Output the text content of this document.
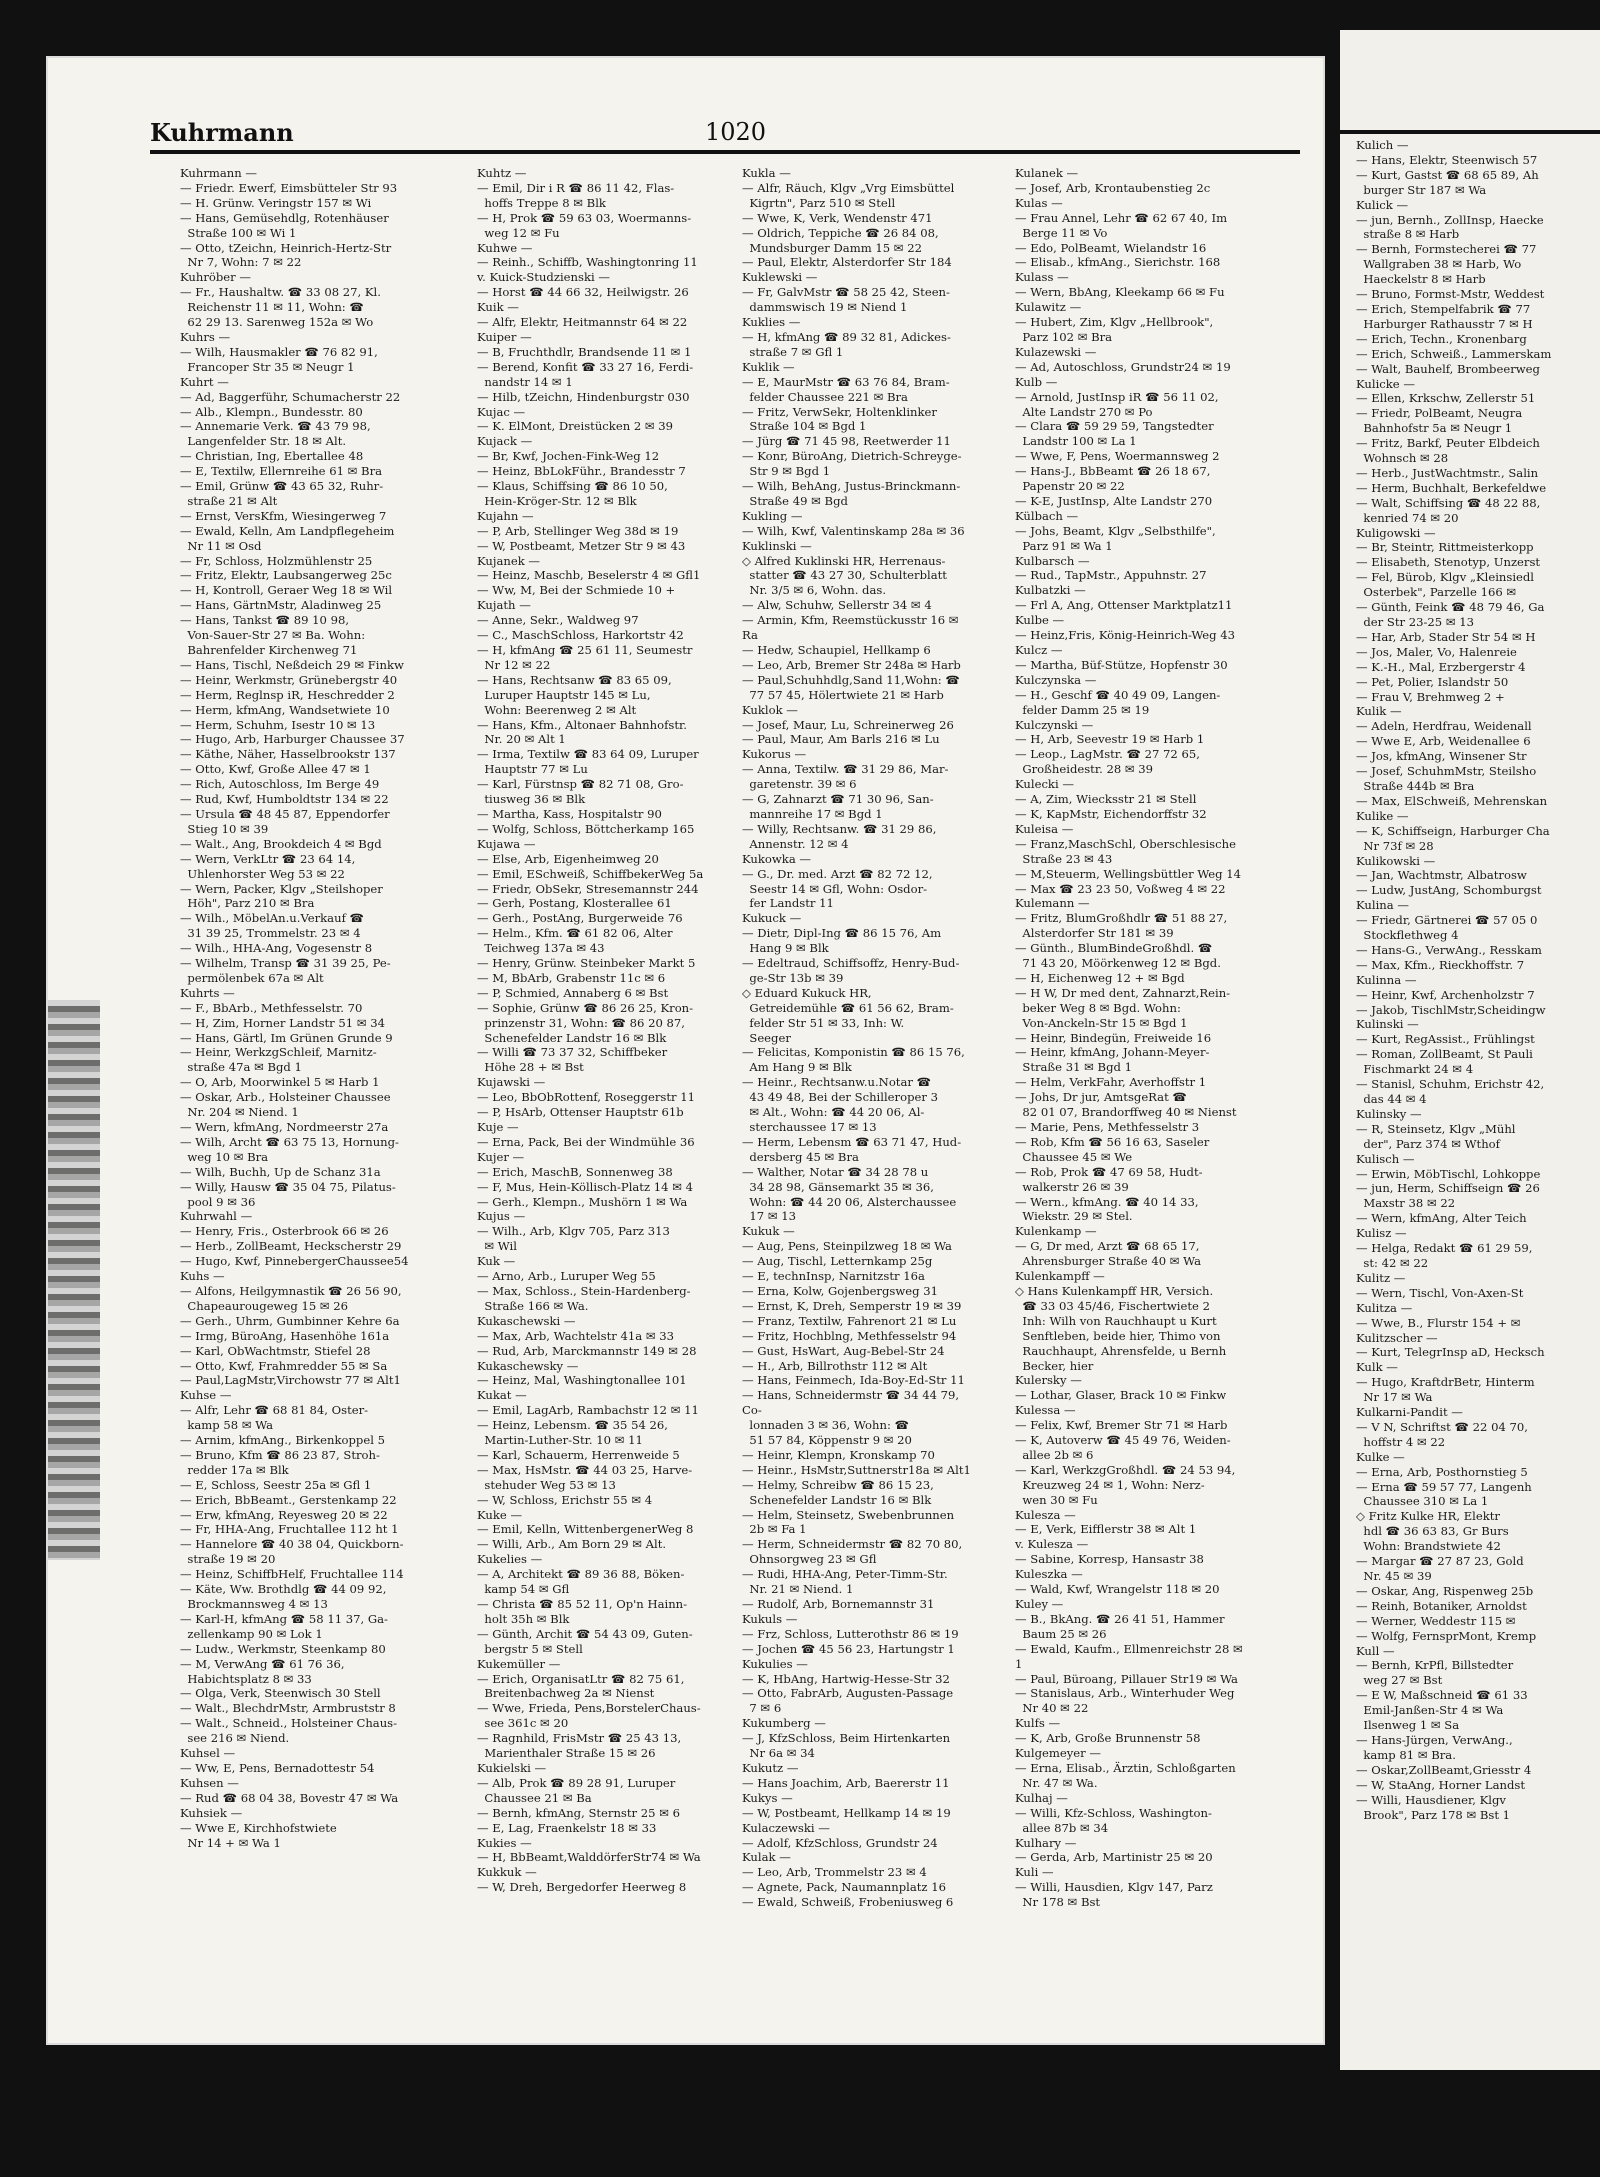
Kuhrmann	1020
Kuhrmann —
— Friedr. Ewerf, Eimsbütteler Str 93
— H. Grünw. Veringstr 157 ✉ Wi
— Hans, Gemüsehdlg, Rotenhäuser
Straße 100 ✉ Wi 1
— Otto, tZeichn, Heinrich-Hertz-Str
Nr 7, Wohn: 7 ✉ 22
Kuhröber —
— Fr., Haushaltw. ☎ 33 08 27, Kl.
Reichenstr 11 ✉ 11, Wohn: ☎
62 29 13. Sarenweg 152a ✉ Wo
Kuhrs —
— Wilh, Hausmakler ☎ 76 82 91,
Francoper Str 35 ✉ Neugr 1
Kuhrt —
— Ad, Baggerführ, Schumacherstr 22
— Alb., Klempn., Bundesstr. 80
— Annemarie Verk. ☎ 43 79 98,
Langenfelder Str. 18 ✉ Alt.
— Christian, Ing, Ebertallee 48
— E, Textilw, Ellernreihe 61 ✉ Bra
— Emil, Grünw ☎ 43 65 32, Ruhr-
straße 21 ✉ Alt
— Ernst, VersKfm, Wiesingerweg 7
— Ewald, Kelln, Am Landpflegeheim
Nr 11 ✉ Osd
— Fr, Schloss, Holzmühlenstr 25
— Fritz, Elektr, Laubsangerweg 25c
— H, Kontroll, Geraer Weg 18 ✉ Wil
— Hans, GärtnMstr, Aladinweg 25
— Hans, Tankst ☎ 89 10 98,
Von-Sauer-Str 27 ✉ Ba. Wohn:
Bahrenfelder Kirchenweg 71
— Hans, Tischl, Neßdeich 29 ✉ Finkw
— Heinr, Werkmstr, Grünebergstr 40
— Herm, Reglnsp iR, Heschredder 2
— Herm, kfmAng, Wandsetwiete 10
— Herm, Schuhm, Isestr 10 ✉ 13
— Hugo, Arb, Harburger Chaussee 37
— Käthe, Näher, Hasselbrookstr 137
— Otto, Kwf, Große Allee 47 ✉ 1
— Rich, Autoschloss, Im Berge 49
— Rud, Kwf, Humboldtstr 134 ✉ 22
— Ursula ☎ 48 45 87, Eppendorfer
Stieg 10 ✉ 39
— Walt., Ang, Brookdeich 4 ✉ Bgd
— Wern, VerkLtr ☎ 23 64 14,
Uhlenhorster Weg 53 ✉ 22
— Wern, Packer, Klgv „Steilshoper
Höh", Parz 210 ✉ Bra
— Wilh., MöbelAn.u.Verkauf ☎
31 39 25, Trommelstr. 23 ✉ 4
— Wilh., HHA-Ang, Vogesenstr 8
— Wilhelm, Transp ☎ 31 39 25, Pe-
permölenbek 67a ✉ Alt
Kuhrts —
— F., BbArb., Methfesselstr. 70
— H, Zim, Horner Landstr 51 ✉ 34
— Hans, Gärtl, Im Grünen Grunde 9
— Heinr, WerkzgSchleif, Marnitz-
straße 47a ✉ Bgd 1
— O, Arb, Moorwinkel 5 ✉ Harb 1
— Oskar, Arb., Holsteiner Chaussee
Nr. 204 ✉ Niend. 1
— Wern, kfmAng, Nordmeerstr 27a
— Wilh, Archt ☎ 63 75 13, Hornung-
weg 10 ✉ Bra
— Wilh, Buchh, Up de Schanz 31a
— Willy, Hausw ☎ 35 04 75, Pilatus-
pool 9 ✉ 36
Kuhrwahl —
— Henry, Fris., Osterbrook 66 ✉ 26
— Herb., ZollBeamt, Heckscherstr 29
— Hugo, Kwf, PinnebergerChaussee54
Kuhs —
— Alfons, Heilgymnastik ☎ 26 56 90,
Chapeaurougeweg 15 ✉ 26
— Gerh., Uhrm, Gumbinner Kehre 6a
— Irmg, BüroAng, Hasenhöhe 161a
— Karl, ObWachtmstr, Stiefel 28
— Otto, Kwf, Frahmredder 55 ✉ Sa
— Paul,LagMstr,Virchowstr 77 ✉ Alt1
Kuhse —
— Alfr, Lehr ☎ 68 81 84, Oster-
kamp 58 ✉ Wa
— Arnim, kfmAng., Birkenkoppel 5
— Bruno, Kfm ☎ 86 23 87, Stroh-
redder 17a ✉ Blk
— E, Schloss, Seestr 25a ✉ Gfl 1
— Erich, BbBeamt., Gerstenkamp 22
— Erw, kfmAng, Reyesweg 20 ✉ 22
— Fr, HHA-Ang, Fruchtallee 112 ht 1
— Hannelore ☎ 40 38 04, Quickborn-
straße 19 ✉ 20
— Heinz, SchiffbHelf, Fruchtallee 114
— Käte, Ww. Brothdlg ☎ 44 09 92,
Brockmannsweg 4 ✉ 13
— Karl-H, kfmAng ☎ 58 11 37, Ga-
zellenkamp 90 ✉ Lok 1
— Ludw., Werkmstr, Steenkamp 80
— M, VerwAng ☎ 61 76 36,
Habichtsplatz 8 ✉ 33
— Olga, Verk, Steenwisch 30 Stell
— Walt., BlechdrMstr, Armbruststr 8
— Walt., Schneid., Holsteiner Chaus-
see 216 ✉ Niend.
Kuhsel —
— Ww, E, Pens, Bernadottestr 54
Kuhsen —
— Rud ☎ 68 04 38, Bovestr 47 ✉ Wa
Kuhsiek —
— Wwe E, Kirchhofstwiete
Nr 14 + ✉ Wa 1
Kuhtz —
— Emil, Dir i R ☎ 86 11 42, Flas-
hoffs Treppe 8 ✉ Blk
— H, Prok ☎ 59 63 03, Woermanns-
weg 12 ✉ Fu
Kuhwe —
— Reinh., Schiffb, Washingtonring 11
v. Kuick-Studzienski —
— Horst ☎ 44 66 32, Heilwigstr. 26
Kuik —
— Alfr, Elektr, Heitmannstr 64 ✉ 22
Kuiper —
— B, Fruchthdlr, Brandsende 11 ✉ 1
— Berend, Konfit ☎ 33 27 16, Ferdi-
nandstr 14 ✉ 1
— Hilb, tZeichn, Hindenburgstr 030
Kujac —
— K. ElMont, Dreistücken 2 ✉ 39
Kujack —
— Br, Kwf, Jochen-Fink-Weg 12
— Heinz, BbLokFühr., Brandesstr 7
— Klaus, Schiffsing ☎ 86 10 50,
Hein-Kröger-Str. 12 ✉ Blk
Kujahn —
— P, Arb, Stellinger Weg 38d ✉ 19
— W, Postbeamt, Metzer Str 9 ✉ 43
Kujanek —
— Heinz, Maschb, Beselerstr 4 ✉ Gfl1
— Ww, M, Bei der Schmiede 10 +
Kujath —
— Anne, Sekr., Waldweg 97
— C., MaschSchloss, Harkortstr 42
— H, kfmAng ☎ 25 61 11, Seumestr
Nr 12 ✉ 22
— Hans, Rechtsanw ☎ 83 65 09,
Luruper Hauptstr 145 ✉ Lu,
Wohn: Beerenweg 2 ✉ Alt
— Hans, Kfm., Altonaer Bahnhofstr.
Nr. 20 ✉ Alt 1
— Irma, Textilw ☎ 83 64 09, Luruper
Hauptstr 77 ✉ Lu
— Karl, Fürstnsp ☎ 82 71 08, Gro-
tiusweg 36 ✉ Blk
— Martha, Kass, Hospitalstr 90
— Wolfg, Schloss, Böttcherkamp 165
Kujawa —
— Else, Arb, Eigenheimweg 20
— Emil, ESchweiß, SchiffbekerWeg 5a
— Friedr, ObSekr, Stresemannstr 244
— Gerh, Postang, Klosterallee 61
— Gerh., PostAng, Burgerweide 76
— Helm., Kfm. ☎ 61 82 06, Alter
Teichweg 137a ✉ 43
— Henry, Grünw. Steinbeker Markt 5
— M, BbArb, Grabenstr 11c ✉ 6
— P, Schmied, Annaberg 6 ✉ Bst
— Sophie, Grünw ☎ 86 26 25, Kron-
prinzenstr 31, Wohn: ☎ 86 20 87,
Schenefelder Landstr 16 ✉ Blk
— Willi ☎ 73 37 32, Schiffbeker
Höhe 28 + ✉ Bst
Kujawski —
— Leo, BbObRottenf, Roseggerstr 11
— P, HsArb, Ottenser Hauptstr 61b
Kuje —
— Erna, Pack, Bei der Windmühle 36
Kujer —
— Erich, MaschB, Sonnenweg 38
— F, Mus, Hein-Köllisch-Platz 14 ✉ 4
— Gerh., Klempn., Mushörn 1 ✉ Wa
Kujus —
— Wilh., Arb, Klgv 705, Parz 313
✉ Wil
Kuk —
— Arno, Arb., Luruper Weg 55
— Max, Schloss., Stein-Hardenberg-
Straße 166 ✉ Wa.
Kukaschewski —
— Max, Arb, Wachtelstr 41a ✉ 33
— Rud, Arb, Marckmannstr 149 ✉ 28
Kukaschewsky —
— Heinz, Mal, Washingtonallee 101
Kukat —
— Emil, LagArb, Rambachstr 12 ✉ 11
— Heinz, Lebensm. ☎ 35 54 26,
Martin-Luther-Str. 10 ✉ 11
— Karl, Schauerm, Herrenweide 5
— Max, HsMstr. ☎ 44 03 25, Harve-
stehuder Weg 53 ✉ 13
— W, Schloss, Erichstr 55 ✉ 4
Kuke —
— Emil, Kelln, WittenbergenerWeg 8
— Willi, Arb., Am Born 29 ✉ Alt.
Kukelies —
— A, Architekt ☎ 89 36 88, Böken-
kamp 54 ✉ Gfl
— Christa ☎ 85 52 11, Op'n Hainn-
holt 35h ✉ Blk
— Günth, Archit ☎ 54 43 09, Guten-
bergstr 5 ✉ Stell
Kukemüller —
— Erich, OrganisatLtr ☎ 82 75 61,
Breitenbachweg 2a ✉ Nienst
— Wwe, Frieda, Pens,BorstelerChaus-
see 361c ✉ 20
— Ragnhild, FrisMstr ☎ 25 43 13,
Marienthaler Straße 15 ✉ 26
Kukielski —
— Alb, Prok ☎ 89 28 91, Luruper
Chaussee 21 ✉ Ba
— Bernh, kfmAng, Sternstr 25 ✉ 6
— E, Lag, Fraenkelstr 18 ✉ 33
Kukies —
— H, BbBeamt,WalddörferStr74 ✉ Wa
Kukkuk —
— W, Dreh, Bergedorfer Heerweg 8
Kukla —
— Alfr, Räuch, Klgv „Vrg Eimsbüttel
Kigrtn", Parz 510 ✉ Stell
— Wwe, K, Verk, Wendenstr 471
— Oldrich, Teppiche ☎ 26 84 08,
Mundsburger Damm 15 ✉ 22
— Paul, Elektr, Alsterdorfer Str 184
Kuklewski —
— Fr, GalvMstr ☎ 58 25 42, Steen-
dammswisch 19 ✉ Niend 1
Kuklies —
— H, kfmAng ☎ 89 32 81, Adickes-
straße 7 ✉ Gfl 1
Kuklik —
— E, MaurMstr ☎ 63 76 84, Bram-
felder Chaussee 221 ✉ Bra
— Fritz, VerwSekr, Holtenklinker
Straße 104 ✉ Bgd 1
— Jürg ☎ 71 45 98, Reetwerder 11
— Konr, BüroAng, Dietrich-Schreyge-
Str 9 ✉ Bgd 1
— Wilh, BehAng, Justus-Brinckmann-
Straße 49 ✉ Bgd
Kukling —
— Wilh, Kwf, Valentinskamp 28a ✉ 36
Kuklinski —
◇ Alfred Kuklinski HR, Herrenaus-
statter ☎ 43 27 30, Schulterblatt
Nr. 3/5 ✉ 6, Wohn. das.
— Alw, Schuhw, Sellerstr 34 ✉ 4
— Armin, Kfm, Reemstückusstr 16 ✉ Ra
— Hedw, Schaupiel, Hellkamp 6
— Leo, Arb, Bremer Str 248a ✉ Harb
— Paul,Schuhhdlg,Sand 11,Wohn: ☎
77 57 45, Hölertwiete 21 ✉ Harb
Kuklok —
— Josef, Maur, Lu, Schreinerweg 26
— Paul, Maur, Am Barls 216 ✉ Lu
Kukorus —
— Anna, Textilw. ☎ 31 29 86, Mar-
garetenstr. 39 ✉ 6
— G, Zahnarzt ☎ 71 30 96, San-
mannreihe 17 ✉ Bgd 1
— Willy, Rechtsanw. ☎ 31 29 86,
Annenstr. 12 ✉ 4
Kukowka —
— G., Dr. med. Arzt ☎ 82 72 12,
Seestr 14 ✉ Gfl, Wohn: Osdor-
fer Landstr 11
Kukuck —
— Dietr, Dipl-Ing ☎ 86 15 76, Am
Hang 9 ✉ Blk
— Edeltraud, Schiffsoffz, Henry-Bud-
ge-Str 13b ✉ 39
◇ Eduard Kukuck HR,
Getreidemühle ☎ 61 56 62, Bram-
felder Str 51 ✉ 33, Inh: W.
Seeger
— Felicitas, Komponistin ☎ 86 15 76,
Am Hang 9 ✉ Blk
— Heinr., Rechtsanw.u.Notar ☎
43 49 48, Bei der Schilleroper 3
✉ Alt., Wohn: ☎ 44 20 06, Al-
sterchaussee 17 ✉ 13
— Herm, Lebensm ☎ 63 71 47, Hud-
dersberg 45 ✉ Bra
— Walther, Notar ☎ 34 28 78 u
34 28 98, Gänsemarkt 35 ✉ 36,
Wohn: ☎ 44 20 06, Alsterchaussee
17 ✉ 13
Kukuk —
— Aug, Pens, Steinpilzweg 18 ✉ Wa
— Aug, Tischl, Letternkamp 25g
— E, technInsp, Narnitzstr 16a
— Erna, Kolw, Gojenbergsweg 31
— Ernst, K, Dreh, Semperstr 19 ✉ 39
— Franz, Textilw, Fahrenort 21 ✉ Lu
— Fritz, Hochblng, Methfesselstr 94
— Gust, HsWart, Aug-Bebel-Str 24
— H., Arb, Billrothstr 112 ✉ Alt
— Hans, Feinmech, Ida-Boy-Ed-Str 11
— Hans, Schneidermstr ☎ 34 44 79, Co-
lonnaden 3 ✉ 36, Wohn: ☎
51 57 84, Köppenstr 9 ✉ 20
— Heinr, Klempn, Kronskamp 70
— Heinr., HsMstr,Suttnerstr18a ✉ Alt1
— Helmy, Schreibw ☎ 86 15 23,
Schenefelder Landstr 16 ✉ Blk
— Helm, Steinsetz, Swebenbrunnen
2b ✉ Fa 1
— Herm, Schneidermstr ☎ 82 70 80,
Ohnsorgweg 23 ✉ Gfl
— Rudi, HHA-Ang, Peter-Timm-Str.
Nr. 21 ✉ Niend. 1
— Rudolf, Arb, Bornemannstr 31
Kukuls —
— Frz, Schloss, Lutterothstr 86 ✉ 19
— Jochen ☎ 45 56 23, Hartungstr 1
Kukulies —
— K, HbAng, Hartwig-Hesse-Str 32
— Otto, FabrArb, Augusten-Passage
7 ✉ 6
Kukumberg —
— J, KfzSchloss, Beim Hirtenkarten
Nr 6a ✉ 34
Kukutz —
— Hans Joachim, Arb, Baererstr 11
Kukys —
— W, Postbeamt, Hellkamp 14 ✉ 19
Kulaczewski —
— Adolf, KfzSchloss, Grundstr 24
Kulak —
— Leo, Arb, Trommelstr 23 ✉ 4
— Agnete, Pack, Naumannplatz 16
— Ewald, Schweiß, Frobeniusweg 6
Kulanek —
— Josef, Arb, Krontaubenstieg 2c
Kulas —
— Frau Annel, Lehr ☎ 62 67 40, Im
Berge 11 ✉ Vo
— Edo, PolBeamt, Wielandstr 16
— Elisab., kfmAng., Sierichstr. 168
Kulass —
— Wern, BbAng, Kleekamp 66 ✉ Fu
Kulawitz —
— Hubert, Zim, Klgv „Hellbrook",
Parz 102 ✉ Bra
Kulazewski —
— Ad, Autoschloss, Grundstr24 ✉ 19
Kulb —
— Arnold, JustInsp iR ☎ 56 11 02,
Alte Landstr 270 ✉ Po
— Clara ☎ 59 29 59, Tangstedter
Landstr 100 ✉ La 1
— Wwe, F, Pens, Woermannsweg 2
— Hans-J., BbBeamt ☎ 26 18 67,
Papenstr 20 ✉ 22
— K-E, JustInsp, Alte Landstr 270
Külbach —
— Johs, Beamt, Klgv „Selbsthilfe",
Parz 91 ✉ Wa 1
Kulbarsch —
— Rud., TapMstr., Appuhnstr. 27
Kulbatzki —
— Frl A, Ang, Ottenser Marktplatz11
Kulbe —
— Heinz,Fris, König-Heinrich-Weg 43
Kulcz —
— Martha, Büf-Stütze, Hopfenstr 30
Kulczynska —
— H., Geschf ☎ 40 49 09, Langen-
felder Damm 25 ✉ 19
Kulczynski —
— H, Arb, Seevestr 19 ✉ Harb 1
— Leop., LagMstr. ☎ 27 72 65,
Großheidestr. 28 ✉ 39
Kulecki —
— A, Zim, Wiecksstr 21 ✉ Stell
— K, KapMstr, Eichendorffstr 32
Kuleisa —
— Franz,MaschSchl, Oberschlesische
Straße 23 ✉ 43
— M,Steuerm, Wellingsbüttler Weg 14
— Max ☎ 23 23 50, Voßweg 4 ✉ 22
Kulemann —
— Fritz, BlumGroßhdlr ☎ 51 88 27,
Alsterdorfer Str 181 ✉ 39
— Günth., BlumBindeGroßhdl. ☎
71 43 20, Möörkenweg 12 ✉ Bgd.
— H, Eichenweg 12 + ✉ Bgd
— H W, Dr med dent, Zahnarzt,Rein-
beker Weg 8 ✉ Bgd. Wohn:
Von-Anckeln-Str 15 ✉ Bgd 1
— Heinr, Bindegün, Freiweide 16
— Heinr, kfmAng, Johann-Meyer-
Straße 31 ✉ Bgd 1
— Helm, VerkFahr, Averhoffstr 1
— Johs, Dr jur, AmtsgeRat ☎
82 01 07, Brandorffweg 40 ✉ Nienst
— Marie, Pens, Methfesselstr 3
— Rob, Kfm ☎ 56 16 63, Saseler
Chaussee 45 ✉ We
— Rob, Prok ☎ 47 69 58, Hudt-
walkerstr 26 ✉ 39
— Wern., kfmAng. ☎ 40 14 33,
Wiekstr. 29 ✉ Stel.
Kulenkamp —
— G, Dr med, Arzt ☎ 68 65 17,
Ahrensburger Straße 40 ✉ Wa
Kulenkampff —
◇ Hans Kulenkampff HR, Versich.
☎ 33 03 45/46, Fischertwiete 2
Inh: Wilh von Rauchhaupt u Kurt
Senftleben, beide hier, Thimo von
Rauchhaupt, Ahrensfelde, u Bernh
Becker, hier
Kulersky —
— Lothar, Glaser, Brack 10 ✉ Finkw
Kulessa —
— Felix, Kwf, Bremer Str 71 ✉ Harb
— K, Autoverw ☎ 45 49 76, Weiden-
allee 2b ✉ 6
— Karl, WerkzgGroßhdl. ☎ 24 53 94,
Kreuzweg 24 ✉ 1, Wohn: Nerz-
wen 30 ✉ Fu
Kulesza —
— E, Verk, Eifflerstr 38 ✉ Alt 1
v. Kulesza —
— Sabine, Korresp, Hansastr 38
Kuleszka —
— Wald, Kwf, Wrangelstr 118 ✉ 20
Kuley —
— B., BkAng. ☎ 26 41 51, Hammer
Baum 25 ✉ 26
— Ewald, Kaufm., Ellmenreichstr 28 ✉ 1
— Paul, Büroang, Pillauer Str19 ✉ Wa
— Stanislaus, Arb., Winterhuder Weg
Nr 40 ✉ 22
Kulfs —
— K, Arb, Große Brunnenstr 58
Kulgemeyer —
— Erna, Elisab., Ärztin, Schloßgarten
Nr. 47 ✉ Wa.
Kulhaj —
— Willi, Kfz-Schloss, Washington-
allee 87b ✉ 34
Kulhary —
— Gerda, Arb, Martinistr 25 ✉ 20
Kuli —
— Willi, Hausdien, Klgv 147, Parz
Nr 178 ✉ Bst
Kulich —
— Hans, Elektr, Steenwisch 57
— Kurt, Gastst ☎ 68 65 89, Ah
burger Str 187 ✉ Wa
Kulick —
— jun, Bernh., ZollInsp, Haecke
straße 8 ✉ Harb
— Bernh, Formstecherei ☎ 77
Wallgraben 38 ✉ Harb, Wo
Haeckelstr 8 ✉ Harb
— Bruno, Formst-Mstr, Weddest
— Erich, Stempelfabrik ☎ 77
Harburger Rathausstr 7 ✉ H
— Erich, Techn., Kronenbarg
— Erich, Schweiß., Lammerskam
— Walt, Bauhelf, Brombeerweg
Kulicke —
— Ellen, Krkschw, Zellerstr 51
— Friedr, PolBeamt, Neugra
Bahnhofstr 5a ✉ Neugr 1
— Fritz, Barkf, Peuter Elbdeich
Wohnsch ✉ 28
— Herb., JustWachtmstr., Salin
— Herm, Buchhalt, Berkefeldwe
— Walt, Schiffsing ☎ 48 22 88,
kenried 74 ✉ 20
Kuligowski —
— Br, Steintr, Rittmeisterkopp
— Elisabeth, Stenotyp, Unzerst
— Fel, Bürob, Klgv „Kleinsiedl
Osterbek", Parzelle 166 ✉
— Günth, Feink ☎ 48 79 46, Ga
der Str 23-25 ✉ 13
— Har, Arb, Stader Str 54 ✉ H
— Jos, Maler, Vo, Halenreie
— K.-H., Mal, Erzbergerstr 4
— Pet, Polier, Islandstr 50
— Frau V, Brehmweg 2 +
Kulik —
— Adeln, Herdfrau, Weidenall
— Wwe E, Arb, Weidenallee 6
— Jos, kfmAng, Winsener Str
— Josef, SchuhmMstr, Steilsho
Straße 444b ✉ Bra
— Max, ElSchweiß, Mehrenskan
Kulike —
— K, Schiffseign, Harburger Cha
Nr 73f ✉ 28
Kulikowski —
— Jan, Wachtmstr, Albatrosw
— Ludw, JustAng, Schomburgst
Kulina —
— Friedr, Gärtnerei ☎ 57 05 0
Stockflethweg 4
— Hans-G., VerwAng., Resskam
— Max, Kfm., Rieckhoffstr. 7
Kulinna —
— Heinr, Kwf, Archenholzstr 7
— Jakob, TischlMstr,Scheidingw
Kulinski —
— Kurt, RegAssist., Frühlingst
— Roman, ZollBeamt, St Pauli
Fischmarkt 24 ✉ 4
— Stanisl, Schuhm, Erichstr 42,
das 44 ✉ 4
Kulinsky —
— R, Steinsetz, Klgv „Mühl
der", Parz 374 ✉ Wthof
Kulisch —
— Erwin, MöbTischl, Lohkoppe
— jun, Herm, Schiffseign ☎ 26
Maxstr 38 ✉ 22
— Wern, kfmAng, Alter Teich
Kulisz —
— Helga, Redakt ☎ 61 29 59,
st: 42 ✉ 22
Kulitz —
— Wern, Tischl, Von-Axen-St
Kulitza —
— Wwe, B., Flurstr 154 + ✉
Kulitzscher —
— Kurt, TelegrInsp aD, Hecksch
Kulk —
— Hugo, KraftdrBetr, Hinterm
Nr 17 ✉ Wa
Kulkarni-Pandit —
— V N, Schriftst ☎ 22 04 70,
hoffstr 4 ✉ 22
Kulke —
— Erna, Arb, Posthornstieg 5
— Erna ☎ 59 57 77, Langenh
Chaussee 310 ✉ La 1
◇ Fritz Kulke HR, Elektr
hdl ☎ 36 63 83, Gr Burs
Wohn: Brandstwiete 42
— Margar ☎ 27 87 23, Gold
Nr. 45 ✉ 39
— Oskar, Ang, Rispenweg 25b
— Reinh, Botaniker, Arnoldst
— Werner, Weddestr 115 ✉
— Wolfg, FernsprMont, Kremp
Kull —
— Bernh, KrPfl, Billstedter
weg 27 ✉ Bst
— E W, Maßschneid ☎ 61 33
Emil-Janßen-Str 4 ✉ Wa
Ilsenweg 1 ✉ Sa
— Hans-Jürgen, VerwAng.,
kamp 81 ✉ Bra.
— Oskar,ZollBeamt,Griesstr 4
— W, StaAng, Horner Landst
— Willi, Hausdiener, Klgv
Brook", Parz 178 ✉ Bst 1
